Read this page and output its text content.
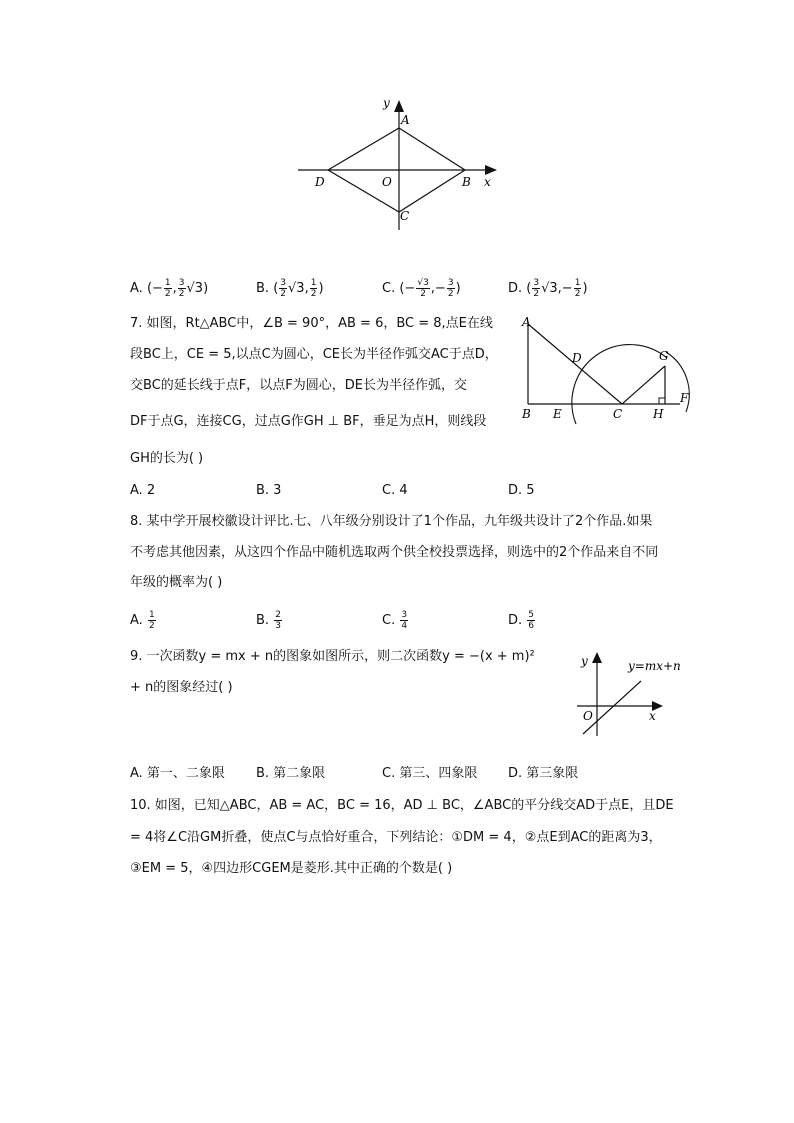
y
A
D	O	B x
C
A. (− $\frac{1}{2}$ , $\frac{3}{2} √3$)	B. ( $\frac{3}{2} √3$, $\frac{1}{2}$ )	C. (− $\frac{√3}{2}$ ,− $\frac{3}{2}$ )	D. ( $\frac{3}{2} √3,- \frac{1}{2}$ )
7. 如图，Rt△ABC中，∠B = 90°，AB = 6，BC = 8,点E在线
段BC上，CE = 5,以点C为圆心，CE长为半径作弧交AC于点D，
交BC的延长线于点F，以点F为圆心，DE长为半径作弧，交
DF于点G，连接CG，过点G作GH ⊥ BF，垂足为点H，则线段
GH的长为( )
A
D	G
B E	C	H
F
A. 2	B. 3	C. 4	D. 5
8. 某中学开展校徽设计评比.七、八年级分别设计了1个作品，九年级共设计了2个作品.如果
不考虑其他因素，从这四个作品中随机选取两个供全校投票选择，则选中的2个作品来自不同
年级的概率为( )
A. $\frac{1}{2}$	B. $\frac{2}{3}$	C. $\frac{3}{4}$	D. $\frac{5}{6}$
9. 一次函数y = mx + n的图象如图所示，则二次函数y = −(x + m)²
+ n的图象经过( )
y	y=mx+n
O	x
A. 第一、二象限 B. 第二象限	C. 第三、四象限 D. 第三象限
10. 如图，已知△ABC，AB = AC，BC = 16，AD ⊥ BC，∠ABC的平分线交AD于点E，且DE
= 4将∠C沿GM折叠，使点C与点恰好重合，下列结论：①DM = 4，②点E到AC的距离为3，
③EM = 5，④四边形CGEM是菱形.其中正确的个数是( )
